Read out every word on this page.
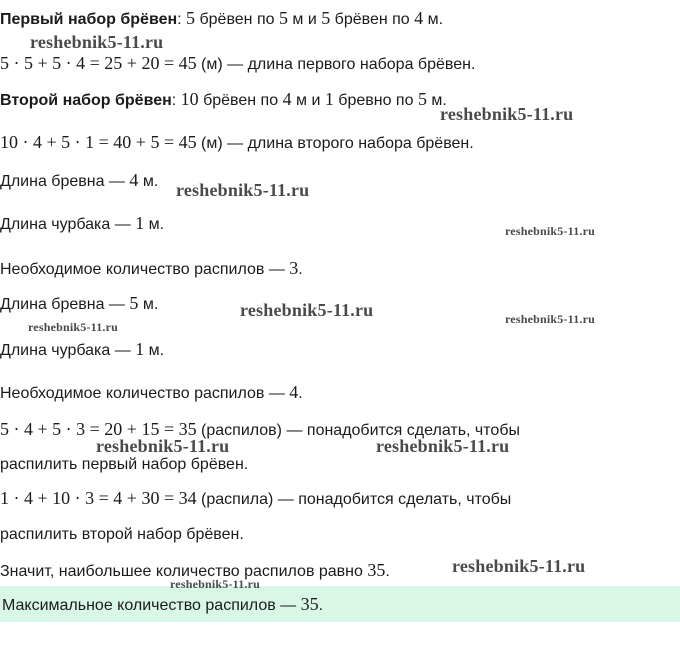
Первый набор брёвен: 5 брёвен по 5 м и 5 брёвен по 4 м.
5 · 5 + 5 · 4 = 25 + 20 = 45 (м) — длина первого набора брёвен.
Второй набор брёвен: 10 брёвен по 4 м и 1 бревно по 5 м.
10 · 4 + 5 · 1 = 40 + 5 = 45 (м) — длина второго набора брёвен.
Длина бревна — 4 м.
Длина чурбака — 1 м.
Необходимое количество распилов — 3.
Длина бревна — 5 м.
Длина чурбака — 1 м.
Необходимое количество распилов — 4.
5 · 4 + 5 · 3 = 20 + 15 = 35 (распилов) — понадобится сделать, чтобы
распилить первый набор брёвен.
1 · 4 + 10 · 3 = 4 + 30 = 34 (распила) — понадобится сделать, чтобы
распилить второй набор брёвен.
Значит, наибольшее количество распилов равно 35.
Максимальное количество распилов — 35.
reshebnik5-11.ru
reshebnik5-11.ru
reshebnik5-11.ru
reshebnik5-11.ru
reshebnik5-11.ru
reshebnik5-11.ru
reshebnik5-11.ru
reshebnik5-11.ru	reshebnik5-11.ru
reshebnik5-11.ru
reshebnik5-11.ru
